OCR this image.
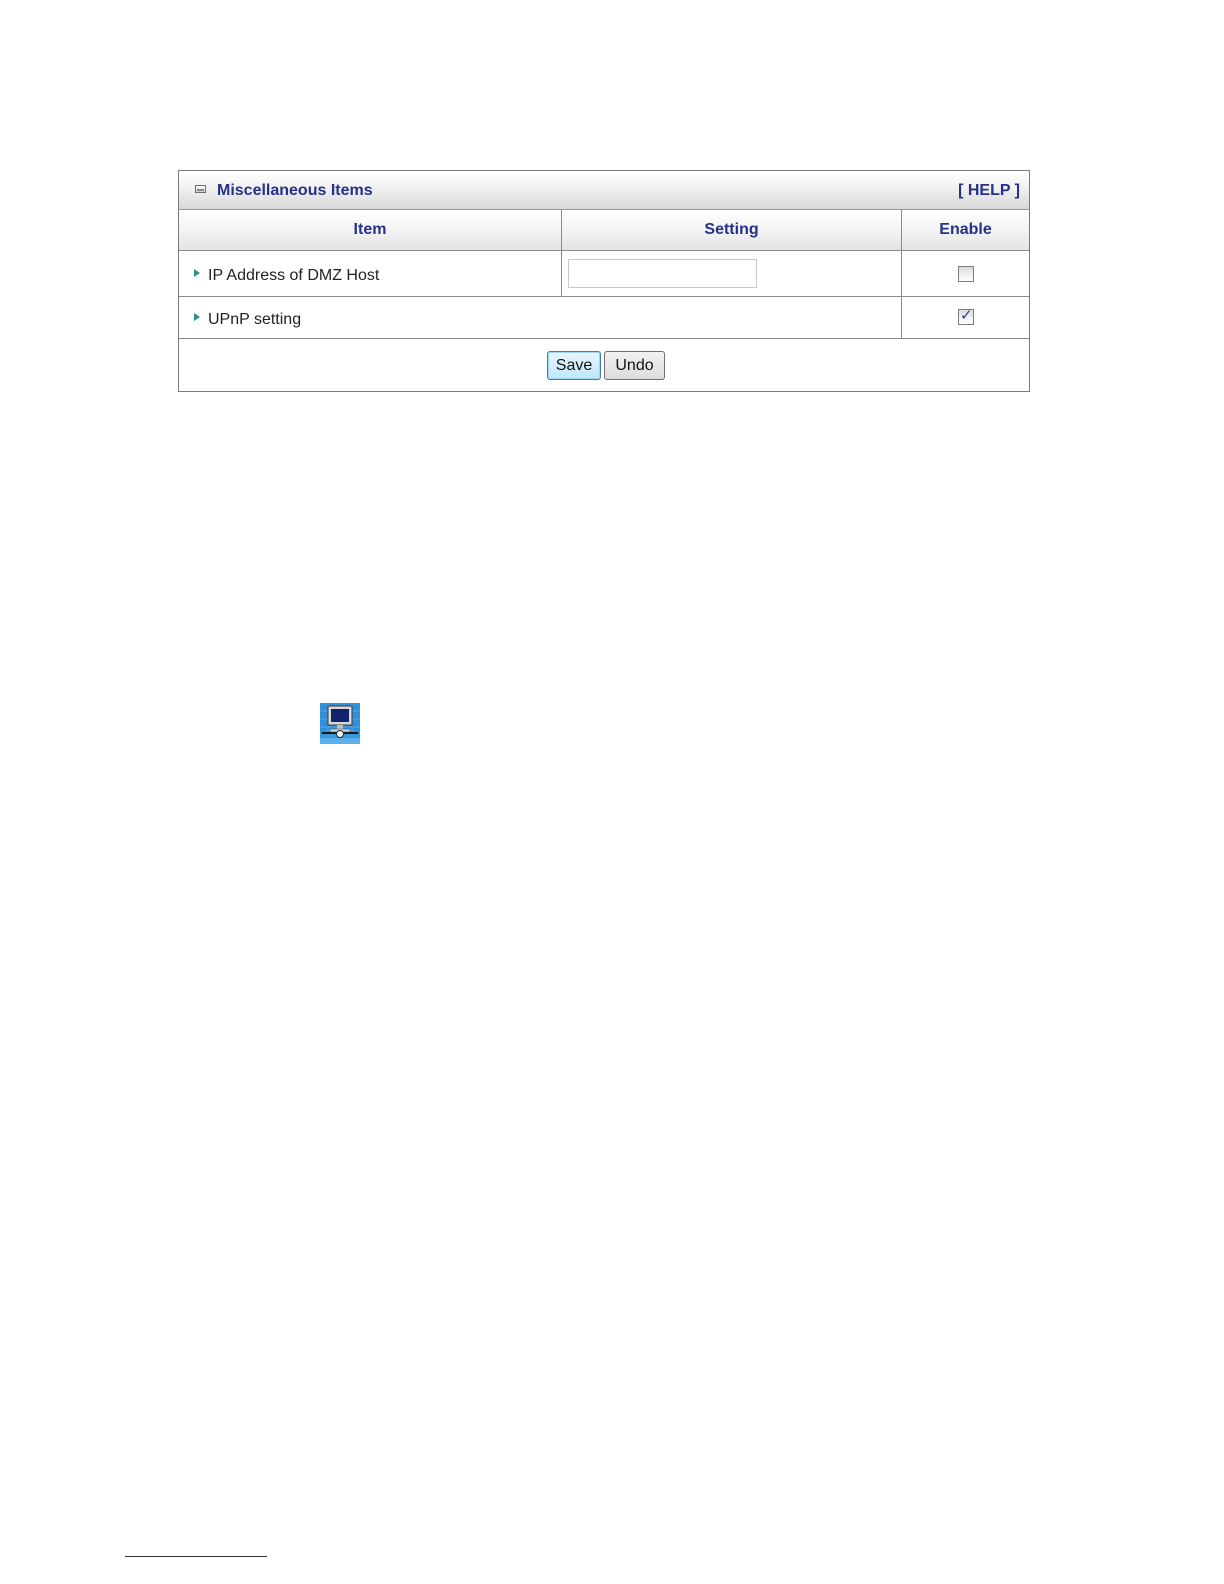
Miscellaneous Items	[ HELP ]
Item	Setting	Enable
IP Address of DMZ Host
UPnP setting	✓
Save	Undo
